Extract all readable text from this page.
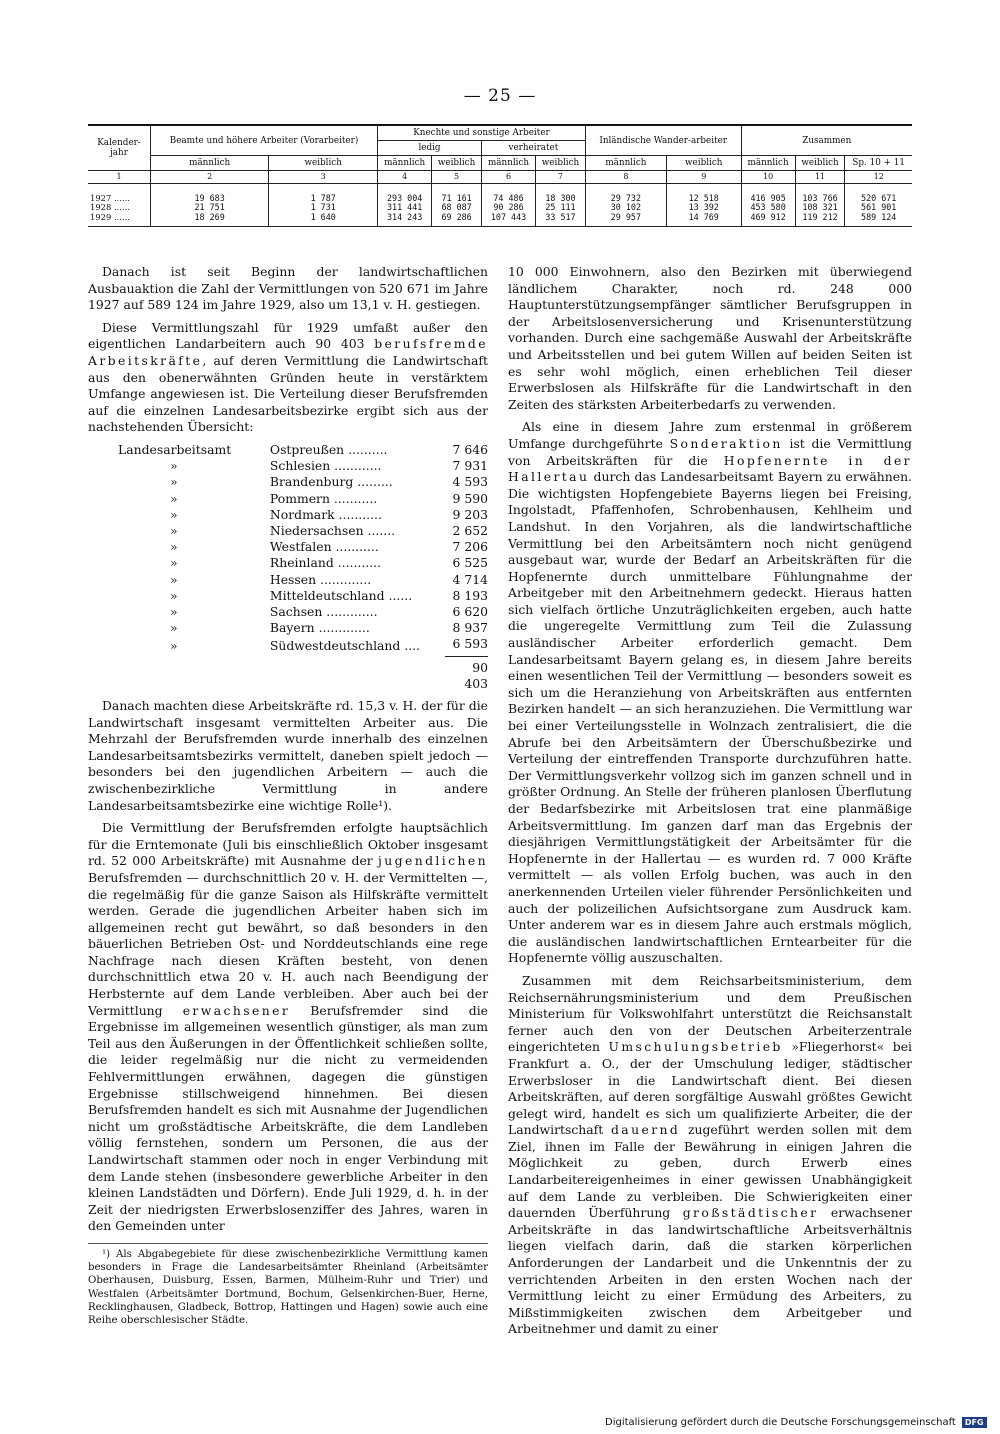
— 25 —
Kalender-jahr	Beamte und höhere Arbeiter (Vorarbeiter)		Knechte und sonstige Arbeiter				Inländische Wander-arbeiter		Zusammen		
			ledig		verheiratet						
	männlich	weiblich	männlich	weiblich	männlich	weiblich	männlich	weiblich	männlich	weiblich	Sp. 10 + 11
1	2	3	4	5	6	7	8	9	10	11	12
1927 ......	19 683	1 787	293 004	71 161	74 486	18 300	29 732	12 518	416 905	103 766	520 671
1928 ......	21 751	1 731	311 441	68 087	90 286	25 111	30 102	13 392	453 580	108 321	561 901
1929 ......	18 269	1 640	314 243	69 286	107 443	33 517	29 957	14 769	469 912	119 212	589 124

Danach ist seit Beginn der landwirtschaftlichen Ausbauaktion die Zahl der Vermittlungen von 520 671 im Jahre 1927 auf 589 124 im Jahre 1929, also um 13,1 v. H. gestiegen.

Diese Vermittlungszahl für 1929 umfaßt außer den eigentlichen Landarbeitern auch 90 403 berufsfremde Arbeitskräfte, auf deren Vermittlung die Landwirtschaft aus den obenerwähnten Gründen heute in verstärktem Umfange angewiesen ist. Die Verteilung dieser Berufsfremden auf die einzelnen Landesarbeitsbezirke ergibt sich aus der nachstehenden Übersicht:

Landesarbeitsamt	Ostpreußen ..........	7 646
»	Schlesien ............	7 931
»	Brandenburg .........	4 593
»	Pommern ...........	9 590
»	Nordmark ...........	9 203
»	Niedersachsen .......	2 652
»	Westfalen ...........	7 206
»	Rheinland ...........	6 525
»	Hessen .............	4 714
»	Mitteldeutschland ......	8 193
»	Sachsen .............	6 620
»	Bayern .............	8 937
»	Südwestdeutschland ....	6 593
		90 403

Danach machten diese Arbeitskräfte rd. 15,3 v. H. der für die Landwirtschaft insgesamt vermittelten Arbeiter aus. Die Mehrzahl der Berufsfremden wurde innerhalb des einzelnen Landesarbeitsamtsbezirks vermittelt, daneben spielt jedoch — besonders bei den jugendlichen Arbeitern — auch die zwischenbezirkliche Vermittlung in andere Landesarbeitsamtsbezirke eine wichtige Rolle¹).

Die Vermittlung der Berufsfremden erfolgte hauptsächlich für die Erntemonate (Juli bis einschließlich Oktober insgesamt rd. 52 000 Arbeitskräfte) mit Ausnahme der jugendlichen Berufsfremden — durchschnittlich 20 v. H. der Vermittelten —, die regelmäßig für die ganze Saison als Hilfskräfte vermittelt werden. Gerade die jugendlichen Arbeiter haben sich im allgemeinen recht gut bewährt, so daß besonders in den bäuerlichen Betrieben Ost- und Norddeutschlands eine rege Nachfrage nach diesen Kräften besteht, von denen durchschnittlich etwa 20 v. H. auch nach Beendigung der Herbsternte auf dem Lande verbleiben. Aber auch bei der Vermittlung erwachsener Berufsfremder sind die Ergebnisse im allgemeinen wesentlich günstiger, als man zum Teil aus den Äußerungen in der Öffentlichkeit schließen sollte, die leider regelmäßig nur die nicht zu vermeidenden Fehlvermittlungen erwähnen, dagegen die günstigen Ergebnisse stillschweigend hinnehmen. Bei diesen Berufsfremden handelt es sich mit Ausnahme der Jugendlichen nicht um großstädtische Arbeitskräfte, die dem Landleben völlig fernstehen, sondern um Personen, die aus der Landwirtschaft stammen oder noch in enger Verbindung mit dem Lande stehen (insbesondere gewerbliche Arbeiter in den kleinen Landstädten und Dörfern). Ende Juli 1929, d. h. in der Zeit der niedrigsten Erwerbslosenziffer des Jahres, waren in den Gemeinden unter

¹) Als Abgabegebiete für diese zwischenbezirkliche Vermittlung kamen besonders in Frage die Landesarbeitsämter Rheinland (Arbeitsämter Oberhausen, Duisburg, Essen, Barmen, Mülheim-Ruhr und Trier) und Westfalen (Arbeitsämter Dortmund, Bochum, Gelsenkirchen-Buer, Herne, Recklinghausen, Gladbeck, Bottrop, Hattingen und Hagen) sowie auch eine Reihe oberschlesischer Städte.

10 000 Einwohnern, also den Bezirken mit überwiegend ländlichem Charakter, noch rd. 248 000 Hauptunterstützungsempfänger sämtlicher Berufsgruppen in der Arbeitslosenversicherung und Krisenunterstützung vorhanden. Durch eine sachgemäße Auswahl der Arbeitskräfte und Arbeitsstellen und bei gutem Willen auf beiden Seiten ist es sehr wohl möglich, einen erheblichen Teil dieser Erwerbslosen als Hilfskräfte für die Landwirtschaft in den Zeiten des stärksten Arbeiterbedarfs zu verwenden.

Als eine in diesem Jahre zum erstenmal in größerem Umfange durchgeführte Sonderaktion ist die Vermittlung von Arbeitskräften für die Hopfenernte in der Hallertau durch das Landesarbeitsamt Bayern zu erwähnen. Die wichtigsten Hopfengebiete Bayerns liegen bei Freising, Ingolstadt, Pfaffenhofen, Schrobenhausen, Kehlheim und Landshut. In den Vorjahren, als die landwirtschaftliche Vermittlung bei den Arbeitsämtern noch nicht genügend ausgebaut war, wurde der Bedarf an Arbeitskräften für die Hopfenernte durch unmittelbare Fühlungnahme der Arbeitgeber mit den Arbeitnehmern gedeckt. Hieraus hatten sich vielfach örtliche Unzuträglichkeiten ergeben, auch hatte die ungeregelte Vermittlung zum Teil die Zulassung ausländischer Arbeiter erforderlich gemacht. Dem Landesarbeitsamt Bayern gelang es, in diesem Jahre bereits einen wesentlichen Teil der Vermittlung — besonders soweit es sich um die Heranziehung von Arbeitskräften aus entfernten Bezirken handelt — an sich heranzuziehen. Die Vermittlung war bei einer Verteilungsstelle in Wolnzach zentralisiert, die die Abrufe bei den Arbeitsämtern der Überschußbezirke und Verteilung der eintreffenden Transporte durchzuführen hatte. Der Vermittlungsverkehr vollzog sich im ganzen schnell und in größter Ordnung. An Stelle der früheren planlosen Überflutung der Bedarfsbezirke mit Arbeitslosen trat eine planmäßige Arbeitsvermittlung. Im ganzen darf man das Ergebnis der diesjährigen Vermittlungstätigkeit der Arbeitsämter für die Hopfenernte in der Hallertau — es wurden rd. 7 000 Kräfte vermittelt — als vollen Erfolg buchen, was auch in den anerkennenden Urteilen vieler führender Persönlichkeiten und auch der polizeilichen Aufsichtsorgane zum Ausdruck kam. Unter anderem war es in diesem Jahre auch erstmals möglich, die ausländischen landwirtschaftlichen Erntearbeiter für die Hopfenernte völlig auszuschalten.

Zusammen mit dem Reichsarbeitsministerium, dem Reichsernährungsministerium und dem Preußischen Ministerium für Volkswohlfahrt unterstützt die Reichsanstalt ferner auch den von der Deutschen Arbeiterzentrale eingerichteten Umschulungsbetrieb »Fliegerhorst« bei Frankfurt a. O., der der Umschulung lediger, städtischer Erwerbsloser in die Landwirtschaft dient. Bei diesen Arbeitskräften, auf deren sorgfältige Auswahl größtes Gewicht gelegt wird, handelt es sich um qualifizierte Arbeiter, die der Landwirtschaft dauernd zugeführt werden sollen mit dem Ziel, ihnen im Falle der Bewährung in einigen Jahren die Möglichkeit zu geben, durch Erwerb eines Landarbeitereigenheimes in einer gewissen Unabhängigkeit auf dem Lande zu verbleiben. Die Schwierigkeiten einer dauernden Überführung großstädtischer erwachsener Arbeitskräfte in das landwirtschaftliche Arbeitsverhältnis liegen vielfach darin, daß die starken körperlichen Anforderungen der Landarbeit und die Unkenntnis der zu verrichtenden Arbeiten in den ersten Wochen nach der Vermittlung leicht zu einer Ermüdung des Arbeiters, zu Mißstimmigkeiten zwischen dem Arbeitgeber und Arbeitnehmer und damit zu einer

Digitalisierung gefördert durch die Deutsche Forschungsgemeinschaft DFG
